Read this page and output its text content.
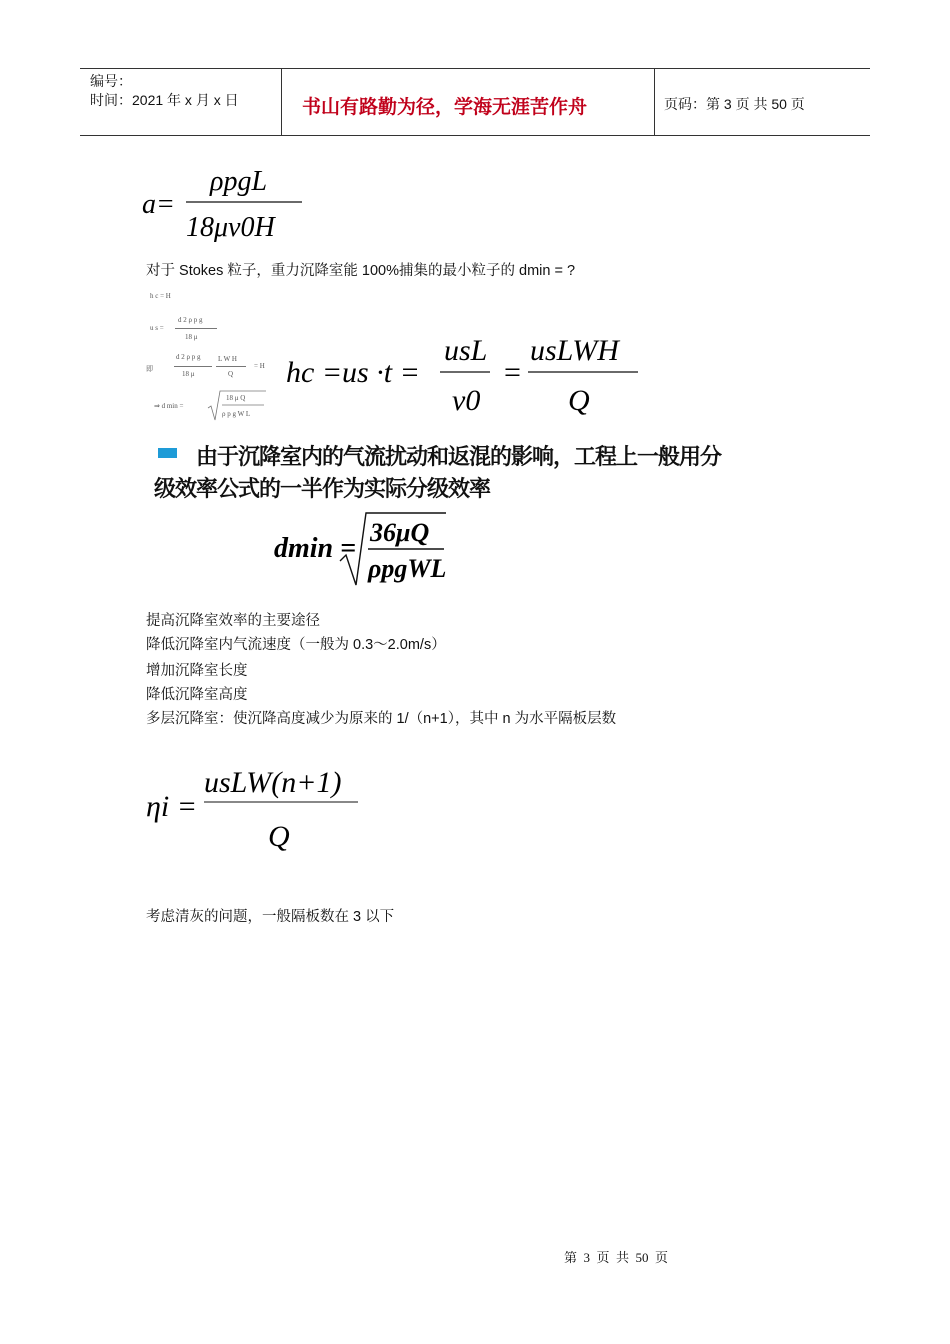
编号：
时间：2021 年 x 月 x 日	书山有路勤为径，学海无涯苦作舟	页码：第 3 页 共 50 页
a=
ρpgL
18μv0H
对于 Stokes 粒子，重力沉降室能 100%捕集的最小粒子的 dmin = ?
h c = H
u s =
d 2 ρ p g
18 μ
即
d 2 ρ p g
18 μ
L W H
Q
= H
⇒ d min =
18 μ Q
ρ p g W L
hc =us ·t =
usL
v0
=
usLWH
Q
由于沉降室内的气流扰动和返混的影响，工程上一般用分
级效率公式的一半作为实际分级效率
dmin =
36μQ
ρpgWL
提高沉降室效率的主要途径
降低沉降室内气流速度（一般为 0.3～2.0m/s）
增加沉降室长度
降低沉降室高度
多层沉降室：使沉降高度减少为原来的 1/（n+1），其中 n 为水平隔板层数
ηi =
usLW(n+1)
Q
考虑清灰的问题，一般隔板数在 3 以下
第  3  页  共  50  页
